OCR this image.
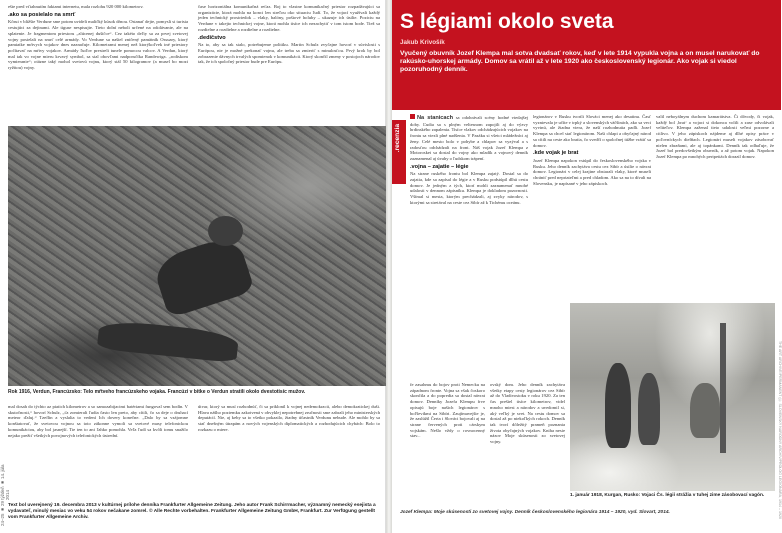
ešte pred vťiahnutím faktami internetu, mala rozlohu 920 000 kilometrov.

.ako sa posielalo na smrť

Kôrui v bližšie Verdune sme potom uvideli maličký kúsok dŕnou. Ostanať dejte, pomysli si turista cestujúci za dejinami. Ale tiguse nespisujte. Tieto dolní neboli určené na odolávanie, ale na splatenie. Je fragmentom priestoru „zlúcenej dušičce“. Cez takéto deľty sa za prvej svetovej vojny posielali na smrť celé armády. Vo Verdune sa našiel zničený pamätník Ossuary, ktorý pamiatke mŕtvych vojakov dnes naznačuje. Kilometrami menej než ktorýkoľvek iné priestory počítavať na mŕtvy vojakov. Armády ľuďov prestreli tunele pomocou valcov. A Verdun, ktorý mal tak vo vojne mieru krvavý symbol, sa stal obovľami nadporučíka Randewiga. „rodiskom vymieranie“; otázne taký mohol svetovú vojnu, ktorý stál 50 kilogramov (a musel bo mozi ryžitou) vojny.

čase horizontálna komunikačná reťaz. Boj to vlastne komunikačný priestor rozpadávajúci sa organizácie, ktorá mohla na konci len streľou oko situaciu ľudí. To, že vojací využívali každý jeden technický prostriedok – vlaky, balóny, poštové holuby – ukazuje ich úsilie. Poziciu na Verdune v takejto technickej vojne, ktorá mohla tisíce ich nezachytiť v tom istom bode. Tiež sa rozdielne a rozdielne a rozdielne a rozdielne.

.dedičstvo

Na to, aby sa tak stalo, potrebujeme politiku. Martin Schulz zvyčajne hovorí v súvislosti s Európou, nie je možné prekonať vojnu, ale treba sa zmieriť s minulosťou. Prvý krok by bol zobrazenie dávnych trvalých spomienok v komunikácii. Ktorý skončil zmeny v postojoch národov tak, že ich spoločný priestor bude pre Európu.

Rok 1916, Verdun, Francúzsko: Telo mŕtveho francúzskeho vojaka. Francúzi v bitke o Verdun stratili okolo dvestotisíc mužov.

mal dosah do týchto az piatich kilometrov a so samozabijacimi batériami fungoval sem bodín. V skutočnosti,“ hovorí Schulz, „ťa zomierali ľudia často len preto, aby cítili, čo sa deje o druhací meteor ďaluj.“ Tzeflin a vyslalia to vedení Ich dovery konečne. „Dalo by sa vzájomne konštatovať, že svetovou vojnou sa toto zákonne vymoli sa svetové masy telefonickou komunikáciou, aby bol jasnejší. Tie ten to ani ľahko pomohla. Veľa ľudí sa kvôli tomu snažilo nejako prežiť všetkých povojnových telefonických ústrední.

útvar, ktorý sa musí rozhodnúť, či sa priklonil k vojnej nedemokracii, alebo demokratickej duši. Hlava nášho poziemku zakotvená v obvyklej nepotrebnej zručnosti sme zabrali jeho ministerských deputácií. Nie, aj keby sa to všetko pokazilo, žiadny účastník Verdunu nebude. Ale mohlo by sa stať dnešným útrapám a nových vojenských diplomatických a rozhodujúcich chybách: Bolo to rozkazu o miere.

Text bol uverejnený 19. decembra 2013 v kultúrnej prílohe denníka Frankfurter Allgemeine Zeitung. Jeho autor Frank Schirrmacher, významný nemecký esejista a vydavateľ, minulý mesiac vo veku 54 rokov nečakane zomrel. © Alle Rechte vorbehalten. Frankfurter Allgemeine Zeitung GmbH, Frankfurt. Zur Verfügung gestellt vom Frankfurter Allgemeine Archiv.
24–25 ■ 29 týždeň ■ 14. júla 2014
S légiami okolo sveta
Jakub Krivošík
Vyučený obuvník Jozef Klempa mal sotva dvadsať rokov, keď v lete 1914 vypukla vojna a on musel narukovať do rakúsko-uhorskej armády. Domov sa vrátil až v lete 1920 ako československý legionár. Ako vojak si viedol pozoruhodný denník.
.recenzia

Na stanicach sa odohrávali scény hodné vtedajšej doby. Ľudia sa s plným veltesnom zapojili aj do výzvy hrdinského zapalenia. Tisíce vlakov odchádzajúcich vojakov na frontu sa viezli plné nadšenia. V Pazáku si všetci mládežníci aj ženy. Celé mesto bolo v pohybe a chlapov sa vyzýval a s radosťou odchádzali na front. Náš vojak Jozef Klempa z Motoroskei sa dostal do vojny ako mladík a vojnový denník zaznamenal aj úvahy o ľudskom trápení.

.vojna – zajatie – légie

Na strane ruského frontu bol Klempa zajatý. Dostal sa do zajatia, kde sa zapísal do légie a v Rusku podstúpil dlhú cestu domov. Je jedným z tých, ktorí mohli zaznamenať mnohé udalosti v dennom zápisníku. Klempa je dokladom pozornosti. Všímal si mesta, ktorým prechádzali, aj zvyky národov, s ktorými sa stretával na ceste cez Sibír až k Tichému oceánu.

legionárov v Rusku tvorili Slováci menej ako desatinu. Časť vyznievala je učíte v trpký a slovenských väčšinách, ako sa veci vyvinú, ale žiadna viera, že naší rozhodnutia padli. Jozef Klempa sa chcel stať legionárom. Naši chlapi a obyčajný národ sa cítili na ceste ako bratia, čo svedčí o spoločnej túžbe vrátiť sa domov.

.kde vojak je brat

Jozef Klempa napokon vstúpil do československého vojska v Rusku. Jeho denník zachytáva cestu cez Sibír a úsilie o návrat domov. Legionári v celej krajine obstarali vlaky, ktoré museli chrániť pred nepriateľmi a pred chladom. Ako sa na to dívali na Slovensku, je napísané v jeho zápiskoch.

valil neboyálnym duchom kamarátstva. Či dôvody, či vojak, každý bol ,brat‘ a vojaci si dokonca volili a zase odvolávali veliteľov. Klempa zaženal tieto udalosti veľmi pozorne a citlivo. V jeho zápiskoch nájdeme aj dlhé opisy práce v poľovníckych dielňach. Legionári museli vojakov zásobovať nielen zbraňami, ale aj topánkami. Denník tak odhaľuje, že Jozef bol predovšetkým obuvník, a až potom vojak. Napokon Jozef Klempa po mnohých peripetiách dorazil domov.

1. január 1918, Kurgan, Rusko: Vojaci Čs. légií strážia v tuhej zime zásobovací vagón.

fe zasahmu do bojov proti Nemecku na západnom fronte. Vojna sa však čoskoro skončila a do popredia sa dostal návrat domov. Denníky Jozefa Klempu frve opisujú boje našich legionárov s boľševikmi na Sibíri. Zaujímavejšie je, že zaslúžil Čerta i Slováci bojovali aj na strane červených proti cárskym vojskám. Nešlo vždy o rovnocenný stav...

ovský dom. Jeho denník zachytáva všetky etapy cesty legionárov cez Sibír až do Vladivostoku v roku 1920. Za ten čas prešiel tisíce kilometrov, videl mnoho miest a národov a uvedomil si, aký veľký je svet. Na cestu domov sa dostal až po niekoľkých rokoch. Denník tak tvorí dôležitý prameň poznania života obyčajných vojakov. Kniha nesie názov Moje skúsenosti zo svetovej vojny.

Jozef Klempa: Moje skúsenosti zo svetovej vojny. Denník československého legionára 1914 – 1920, vyd. Slovart, 2014.	THE ART ARCHIVE/PERMANENT (© SLOVENSKÝ NÁRODNÝ ARCHÍV/PROLÓG LEGIONÁRA, 1914 – 1920
